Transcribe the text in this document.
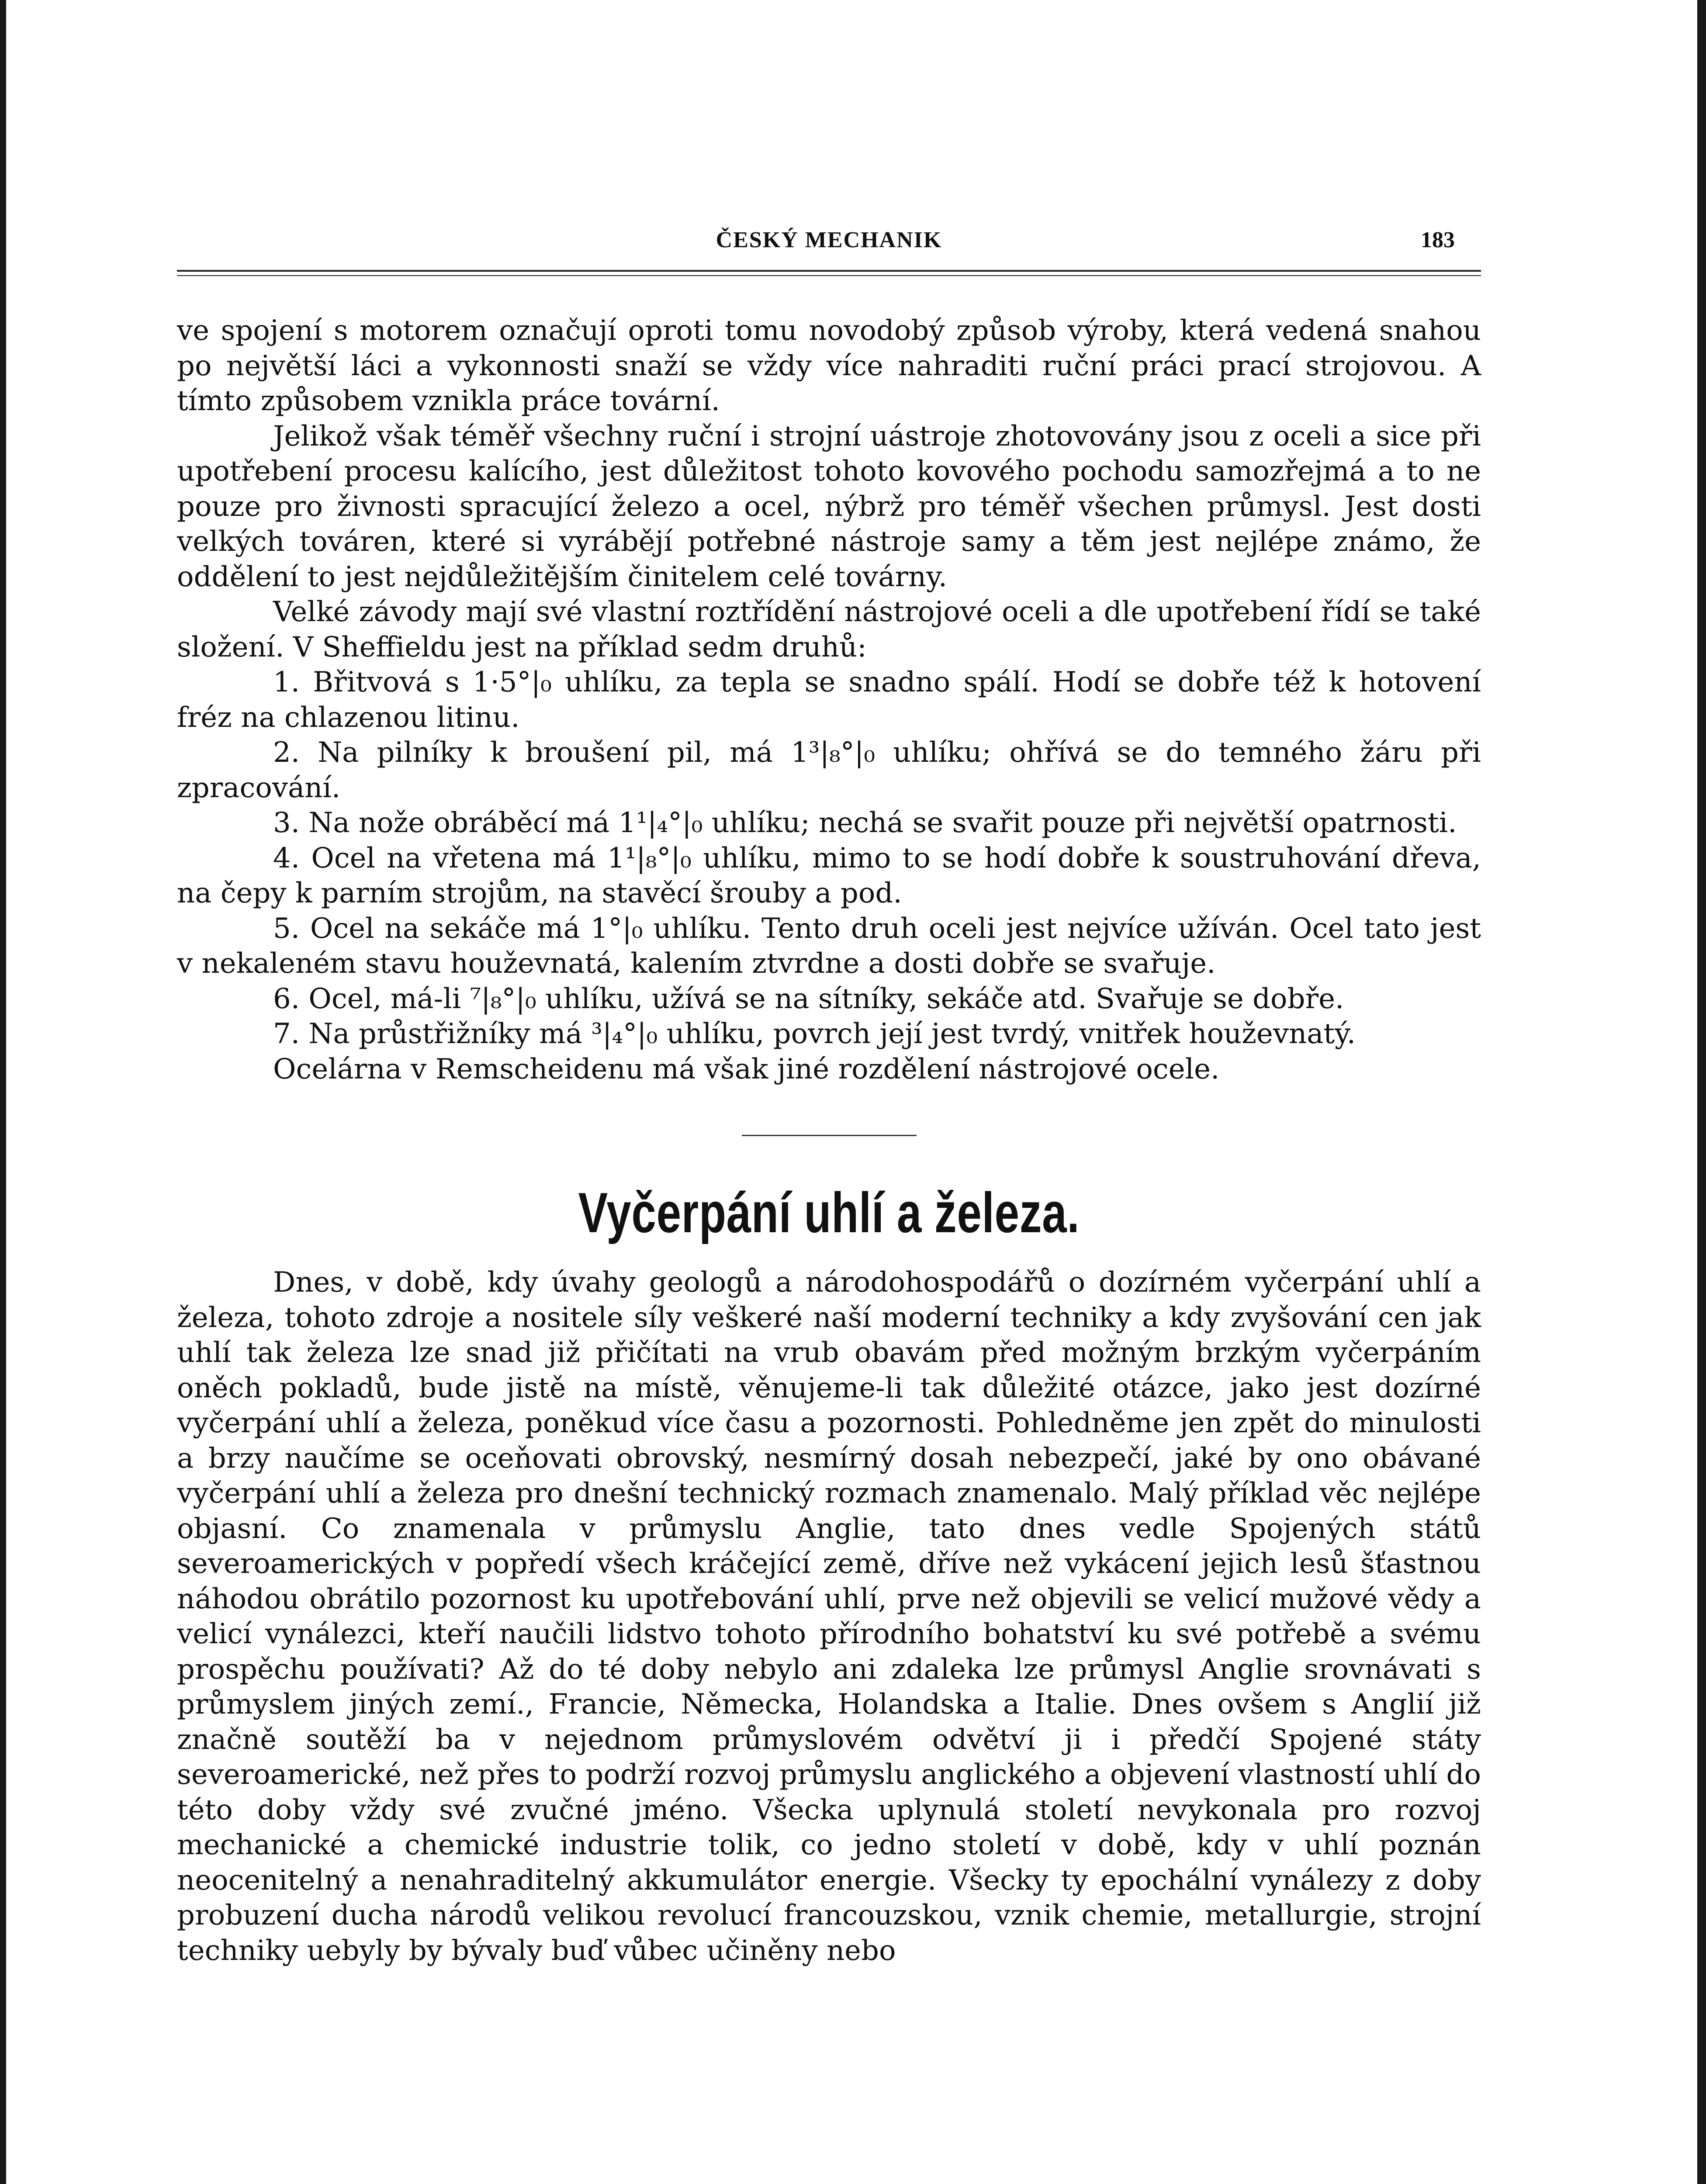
ČESKÝ MECHANIK	183

ve spojení s motorem označují oproti tomu novodobý způsob výroby, která vedená snahou po největší láci a vykonnosti snaží se vždy více nahraditi ruční práci prací strojovou. A tímto způsobem vznikla práce tovární.

Jelikož však téměř všechny ruční i strojní uástroje zhotovovány jsou z oceli a sice při upotřebení procesu kalícího, jest důležitost tohoto kovového pochodu samozřejmá a to ne pouze pro živnosti spracující železo a ocel, nýbrž pro téměř všechen průmysl. Jest dosti velkých továren, které si vyrábějí potřebné nástroje samy a těm jest nejlépe známo, že oddělení to jest nejdůležitějším činitelem celé továrny.

Velké závody mají své vlastní roztřídění nástrojové oceli a dle upotřebení řídí se také složení. V Sheffieldu jest na příklad sedm druhů:

1. Břitvová s 1·5°|₀ uhlíku, za tepla se snadno spálí. Hodí se dobře též k hotovení fréz na chlazenou litinu.

2. Na pilníky k broušení pil, má 1³|₈°|₀ uhlíku; ohřívá se do temného žáru při zpracování.

3. Na nože obráběcí má 1¹|₄°|₀ uhlíku; nechá se svařit pouze při největší opatrnosti.

4. Ocel na vřetena má 1¹|₈°|₀ uhlíku, mimo to se hodí dobře k soustruhování dřeva, na čepy k parním strojům, na stavěcí šrouby a pod.

5. Ocel na sekáče má 1°|₀ uhlíku. Tento druh oceli jest nejvíce užíván. Ocel tato jest v nekaleném stavu houževnatá, kalením ztvrdne a dosti dobře se svařuje.

6. Ocel, má-li ⁷|₈°|₀ uhlíku, užívá se na sítníky, sekáče atd. Svařuje se dobře.

7. Na průstřižníky má ³|₄°|₀ uhlíku, povrch její jest tvrdý, vnitřek houževnatý.

Ocelárna v Remscheidenu má však jiné rozdělení nástrojové ocele.

Vyčerpání uhlí a železa.

Dnes, v době, kdy úvahy geologů a národohospodářů o dozírném vyčerpání uhlí a železa, tohoto zdroje a nositele síly veškeré naší moderní techniky a kdy zvyšování cen jak uhlí tak železa lze snad již přičítati na vrub obavám před možným brzkým vyčerpáním oněch pokladů, bude jistě na místě, věnujeme-li tak důležité otázce, jako jest dozírné vyčerpání uhlí a železa, poněkud více času a pozornosti. Pohledněme jen zpět do minulosti a brzy naučíme se oceňovati obrovský, nesmírný dosah nebezpečí, jaké by ono obávané vyčerpání uhlí a železa pro dnešní technický rozmach znamenalo. Malý příklad věc nejlépe objasní. Co znamenala v průmyslu Anglie, tato dnes vedle Spojených států severoamerických v popředí všech kráčející země, dříve než vykácení jejich lesů šťastnou náhodou obrátilo pozornost ku upotřebování uhlí, prve než objevili se velicí mužové vědy a velicí vynálezci, kteří naučili lidstvo tohoto přírodního bohatství ku své potřebě a svému prospěchu používati? Až do té doby nebylo ani zdaleka lze průmysl Anglie srovnávati s průmyslem jiných zemí., Francie, Německa, Holandska a Italie. Dnes ovšem s Anglií již značně soutěží ba v nejednom průmyslovém odvětví ji i předčí Spojené státy severoamerické, než přes to podrží rozvoj průmyslu anglického a objevení vlastností uhlí do této doby vždy své zvučné jméno. Všecka uplynulá století nevykonala pro rozvoj mechanické a chemické industrie tolik, co jedno století v době, kdy v uhlí poznán neocenitelný a nenahraditelný akkumulátor energie. Všecky ty epochální vynálezy z doby probuzení ducha národů velikou revolucí francouzskou, vznik chemie, metallurgie, strojní techniky uebyly by bývaly buď vůbec učiněny nebo
